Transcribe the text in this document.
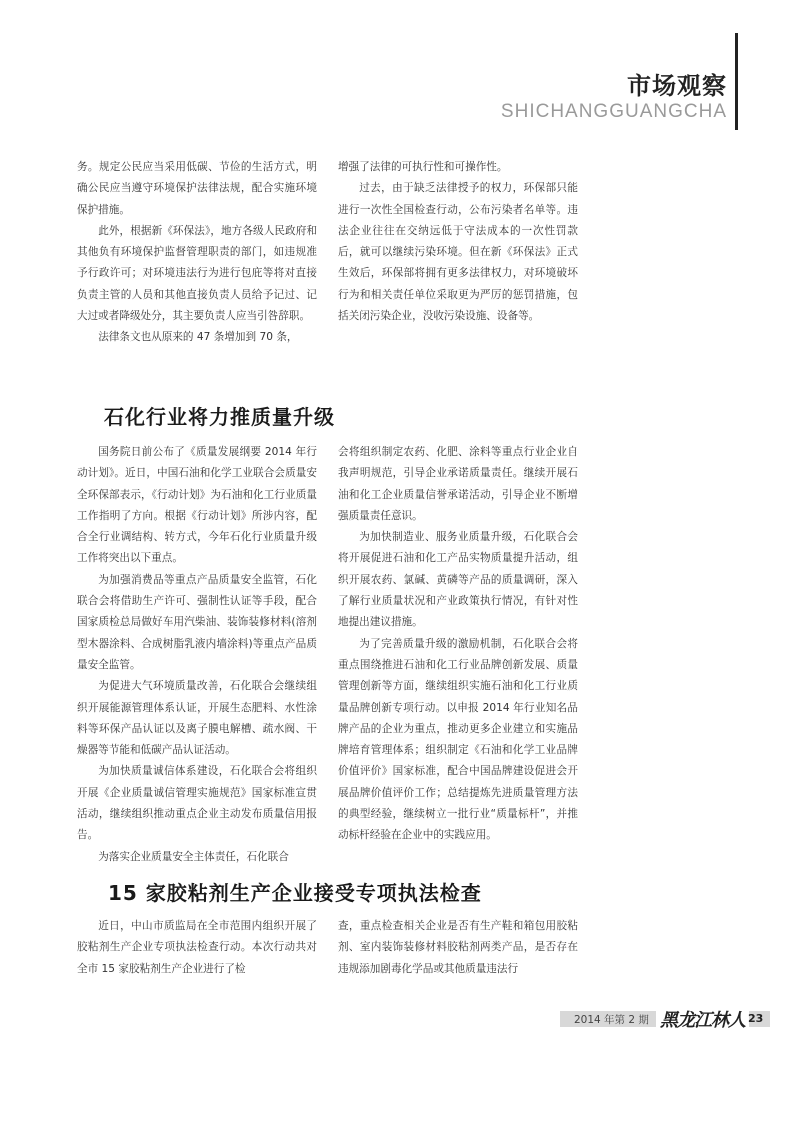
市场观察
SHICHANGGUANGCHA

务。规定公民应当采用低碳、节俭的生活方式，明确公民应当遵守环境保护法律法规，配合实施环境保护措施。

此外，根据新《环保法》，地方各级人民政府和其他负有环境保护监督管理职责的部门，如违规准予行政许可；对环境违法行为进行包庇等将对直接负责主管的人员和其他直接负责人员给予记过、记大过或者降级处分，其主要负责人应当引咎辞职。

法律条文也从原来的 47 条增加到 70 条，

增强了法律的可执行性和可操作性。

过去，由于缺乏法律授予的权力，环保部只能进行一次性全国检查行动，公布污染者名单等。违法企业往往在交纳远低于守法成本的一次性罚款后，就可以继续污染环境。但在新《环保法》正式生效后，环保部将拥有更多法律权力，对环境破坏行为和相关责任单位采取更为严厉的惩罚措施，包括关闭污染企业，没收污染设施、设备等。

石化行业将力推质量升级

国务院日前公布了《质量发展纲要 2014 年行动计划》。近日，中国石油和化学工业联合会质量安全环保部表示，《行动计划》为石油和化工行业质量工作指明了方向。根据《行动计划》所涉内容，配合全行业调结构、转方式，今年石化行业质量升级工作将突出以下重点。

为加强消费品等重点产品质量安全监管，石化联合会将借助生产许可、强制性认证等手段，配合国家质检总局做好车用汽柴油、装饰装修材料(溶剂型木器涂料、合成树脂乳液内墙涂料)等重点产品质量安全监管。

为促进大气环境质量改善，石化联合会继续组织开展能源管理体系认证，开展生态肥料、水性涂料等环保产品认证以及离子膜电解槽、疏水阀、干燥器等节能和低碳产品认证活动。

为加快质量诚信体系建设，石化联合会将组织开展《企业质量诚信管理实施规范》国家标准宣贯活动，继续组织推动重点企业主动发布质量信用报告。

为落实企业质量安全主体责任，石化联合

会将组织制定农药、化肥、涂料等重点行业企业自我声明规范，引导企业承诺质量责任。继续开展石油和化工企业质量信誉承诺活动，引导企业不断增强质量责任意识。

为加快制造业、服务业质量升级，石化联合会将开展促进石油和化工产品实物质量提升活动，组织开展农药、氯碱、黄磷等产品的质量调研，深入了解行业质量状况和产业政策执行情况，有针对性地提出建议措施。

为了完善质量升级的激励机制，石化联合会将重点围绕推进石油和化工行业品牌创新发展、质量管理创新等方面，继续组织实施石油和化工行业质量品牌创新专项行动。以申报 2014 年行业知名品牌产品的企业为重点，推动更多企业建立和实施品牌培育管理体系；组织制定《石油和化学工业品牌价值评价》国家标准，配合中国品牌建设促进会开展品牌价值评价工作；总结提炼先进质量管理方法的典型经验，继续树立一批行业“质量标杆”，并推动标杆经验在企业中的实践应用。

15 家胶粘剂生产企业接受专项执法检查

近日，中山市质监局在全市范围内组织开展了胶粘剂生产企业专项执法检查行动。本次行动共对全市 15 家胶粘剂生产企业进行了检

查，重点检查相关企业是否有生产鞋和箱包用胶粘剂、室内装饰装修材料胶粘剂两类产品，是否存在违规添加剧毒化学品或其他质量违法行

2014 年第 2 期 黑龙江林人 23
